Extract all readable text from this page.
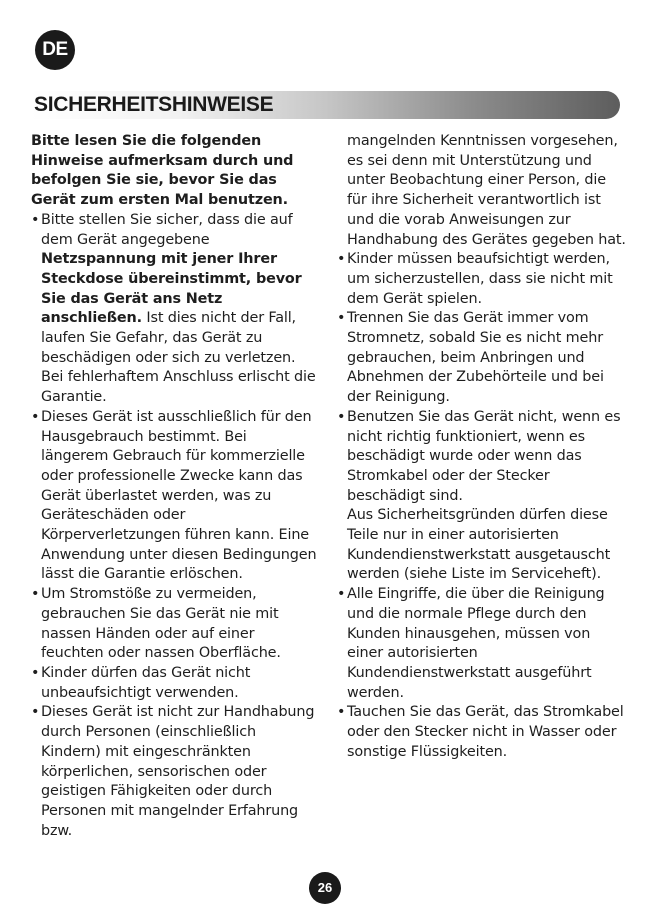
DE
SICHERHEITSHINWEISE

Bitte lesen Sie die folgenden Hinweise aufmerksam durch und befolgen Sie sie, bevor Sie das Gerät zum ersten Mal benutzen.

• Bitte stellen Sie sicher, dass die auf dem Gerät angegebene Netzspannung mit jener Ihrer Steckdose übereinstimmt, bevor Sie das Gerät ans Netz anschließen. Ist dies nicht der Fall, laufen Sie Gefahr, das Gerät zu beschädigen oder sich zu verletzen. Bei fehlerhaftem Anschluss erlischt die Garantie.

• Dieses Gerät ist ausschließlich für den Hausgebrauch bestimmt. Bei längerem Gebrauch für kommerzielle oder professionelle Zwecke kann das Gerät überlastet werden, was zu Geräteschäden oder Körperverletzungen führen kann. Eine Anwendung unter diesen Bedingungen lässt die Garantie erlöschen.

• Um Stromstöße zu vermeiden, gebrauchen Sie das Gerät nie mit nassen Händen oder auf einer feuchten oder nassen Oberfläche.

• Kinder dürfen das Gerät nicht unbeaufsichtigt verwenden.

• Dieses Gerät ist nicht zur Handhabung durch Personen (einschließlich Kindern) mit eingeschränkten körperlichen, sensorischen oder geistigen Fähigkeiten oder durch Personen mit mangelnder Erfahrung bzw.

mangelnden Kenntnissen vorgesehen, es sei denn mit Unterstützung und unter Beobachtung einer Person, die für ihre Sicherheit verantwortlich ist und die vorab Anweisungen zur Handhabung des Gerätes gegeben hat.

• Kinder müssen beaufsichtigt werden, um sicherzustellen, dass sie nicht mit dem Gerät spielen.

• Trennen Sie das Gerät immer vom Stromnetz, sobald Sie es nicht mehr gebrauchen, beim Anbringen und Abnehmen der Zubehörteile und bei der Reinigung.

• Benutzen Sie das Gerät nicht, wenn es nicht richtig funktioniert, wenn es beschädigt wurde oder wenn das Stromkabel oder der Stecker beschädigt sind.

Aus Sicherheitsgründen dürfen diese Teile nur in einer autorisierten Kundendienstwerkstatt ausgetauscht werden (siehe Liste im Serviceheft).

• Alle Eingriffe, die über die Reinigung und die normale Pflege durch den Kunden hinausgehen, müssen von einer autorisierten Kundendienstwerkstatt ausgeführt werden.

• Tauchen Sie das Gerät, das Stromkabel oder den Stecker nicht in Wasser oder sonstige Flüssigkeiten.

26
